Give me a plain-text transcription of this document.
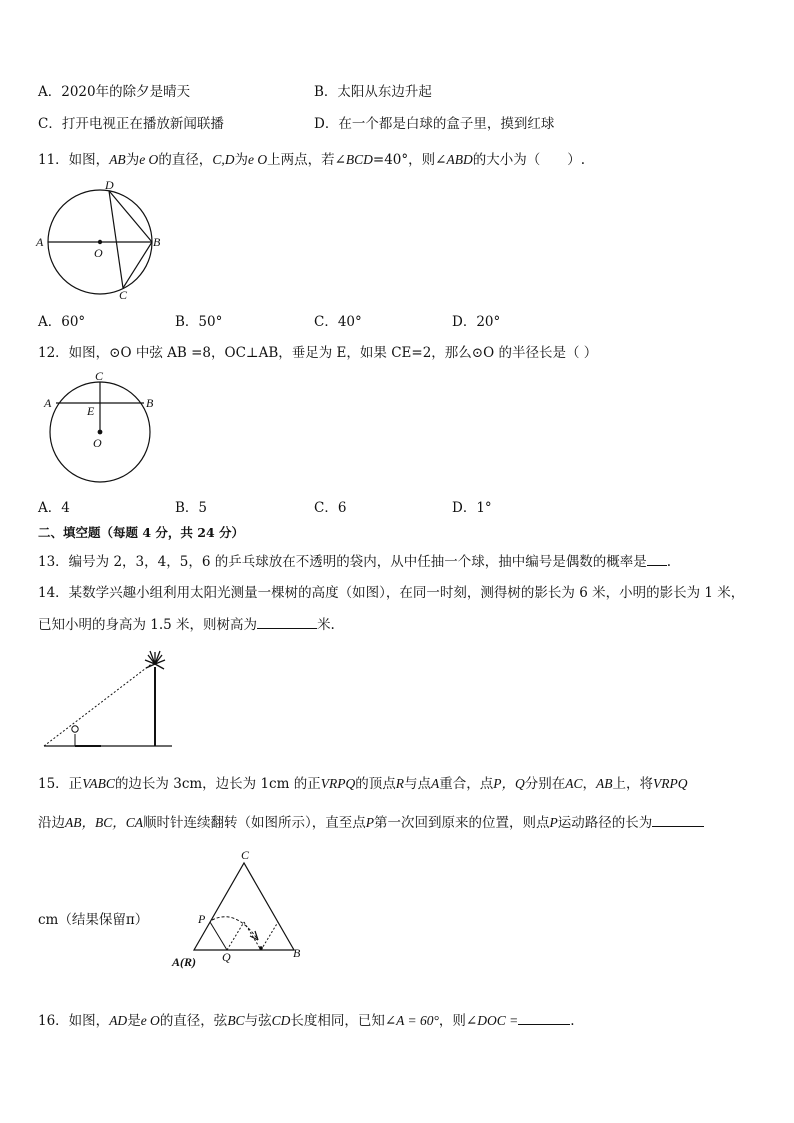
A．2020年的除夕是晴天	B．太阳从东边升起
C．打开电视正在播放新闻联播	D．在一个都是白球的盒子里，摸到红球
11．如图，AB为e O的直径，C,D为e O上两点，若∠BCD=40°，则∠ABD的大小为（　　）.
A	B
C
D
O
A	B
C
E
O
C
P
Q	B
A(R)
A．60°	B．50°	C．40°	D．20°
12．如图，⊙O 中弦 AB =8，OC⊥AB，垂足为 E，如果 CE=2，那么⊙O 的半径长是（ ）
A．4	B．5	C．6	D．1°
二、填空题（每题 4 分，共 24 分）
13．编号为 2，3，4，5，6 的乒乓球放在不透明的袋内，从中任抽一个球，抽中编号是偶数的概率是 .
14．某数学兴趣小组利用太阳光测量一棵树的高度（如图），在同一时刻，测得树的影长为 6 米，小明的影长为 1 米，
已知小明的身高为 1.5 米，则树高为	米.
15．正VABC的边长为 3cm，边长为 1cm 的正VRPQ的顶点R与点A重合，点P，Q分别在AC，AB上，将VRPQ
沿边AB，BC，CA顺时针连续翻转（如图所示），直至点P第一次回到原来的位置，则点P运动路径的长为
cm（结果保留π）
16．如图，AD是e O的直径，弦BC与弦CD长度相同，已知∠A = 60°，则∠DOC =	.
